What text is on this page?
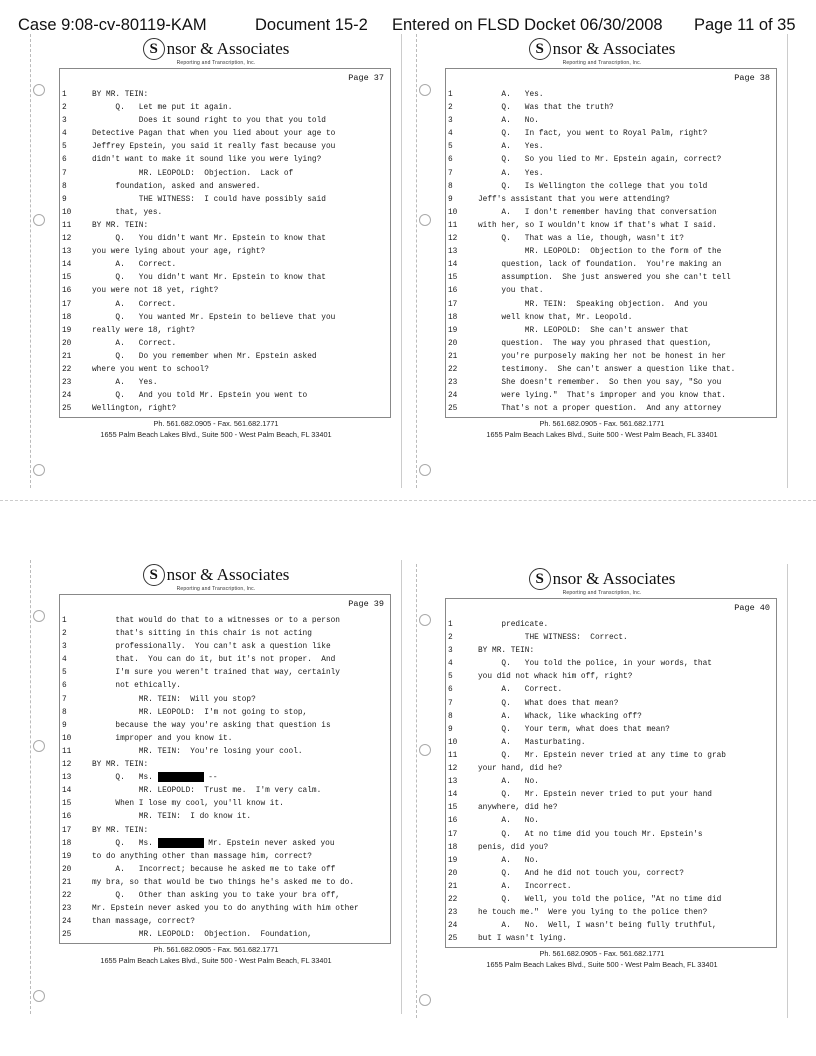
Case 9:08-cv-80119-KAM	Document 15-2 Entered on FLSD Docket 06/30/2008 Page 11 of 35
S nsor & Associates
Reporting and Transcription, Inc.
Page 37
1	BY MR. TEIN:
2	Q.   Let me put it again.
3	Does it sound right to you that you told
4	Detective Pagan that when you lied about your age to
5	Jeffrey Epstein, you said it really fast because you
6	didn't want to make it sound like you were lying?
7	MR. LEOPOLD:  Objection.  Lack of
8	foundation, asked and answered.
9	THE WITNESS:  I could have possibly said
10	that, yes.
11	BY MR. TEIN:
12	Q.   You didn't want Mr. Epstein to know that
13	you were lying about your age, right?
14	A.   Correct.
15	Q.   You didn't want Mr. Epstein to know that
16	you were not 18 yet, right?
17	A.   Correct.
18	Q.   You wanted Mr. Epstein to believe that you
19	really were 18, right?
20	A.   Correct.
21	Q.   Do you remember when Mr. Epstein asked
22	where you went to school?
23	A.   Yes.
24	Q.   And you told Mr. Epstein you went to
25	Wellington, right?
Ph. 561.682.0905 - Fax. 561.682.1771
1655 Palm Beach Lakes Blvd., Suite 500 - West Palm Beach, FL 33401
S nsor & Associates
Reporting and Transcription, Inc.
Page 38
1	A.   Yes.
2	Q.   Was that the truth?
3	A.   No.
4	Q.   In fact, you went to Royal Palm, right?
5	A.   Yes.
6	Q.   So you lied to Mr. Epstein again, correct?
7	A.   Yes.
8	Q.   Is Wellington the college that you told
9	Jeff's assistant that you were attending?
10	A.   I don't remember having that conversation
11	with her, so I wouldn't know if that's what I said.
12	Q.   That was a lie, though, wasn't it?
13	MR. LEOPOLD:  Objection to the form of the
14	question, lack of foundation.  You're making an
15	assumption.  She just answered you she can't tell
16	you that.
17	MR. TEIN:  Speaking objection.  And you
18	well know that, Mr. Leopold.
19	MR. LEOPOLD:  She can't answer that
20	question.  The way you phrased that question,
21	you're purposely making her not be honest in her
22	testimony.  She can't answer a question like that.
23	She doesn't remember.  So then you say, "So you
24	were lying."  That's improper and you know that.
25	That's not a proper question.  And any attorney
Ph. 561.682.0905 - Fax. 561.682.1771
1655 Palm Beach Lakes Blvd., Suite 500 - West Palm Beach, FL 33401
S nsor & Associates
Reporting and Transcription, Inc.
Page 39
1	that would do that to a witnesses or to a person
2	that's sitting in this chair is not acting
3	professionally.  You can't ask a question like
4	that.  You can do it, but it's not proper.  And
5	I'm sure you weren't trained that way, certainly
6	not ethically.
7	MR. TEIN:  Will you stop?
8	MR. LEOPOLD:  I'm not going to stop,
9	because the way you're asking that question is
10	improper and you know it.
11	MR. TEIN:  You're losing your cool.
12	BY MR. TEIN:
13	Q.   Ms.	--
14	MR. LEOPOLD:  Trust me.  I'm very calm.
15	When I lose my cool, you'll know it.
16	MR. TEIN:  I do know it.
17	BY MR. TEIN:
18	Q.   Ms.	Mr. Epstein never asked you
19	to do anything other than massage him, correct?
20	A.   Incorrect; because he asked me to take off
21	my bra, so that would be two things he's asked me to do.
22	Q.   Other than asking you to take your bra off,
23	Mr. Epstein never asked you to do anything with him other
24	than massage, correct?
25	MR. LEOPOLD:  Objection.  Foundation,
Ph. 561.682.0905 - Fax. 561.682.1771
1655 Palm Beach Lakes Blvd., Suite 500 - West Palm Beach, FL 33401
S nsor & Associates
Reporting and Transcription, Inc.
Page 40
1	predicate.
2	THE WITNESS:  Correct.
3	BY MR. TEIN:
4	Q.   You told the police, in your words, that
5	you did not whack him off, right?
6	A.   Correct.
7	Q.   What does that mean?
8	A.   Whack, like whacking off?
9	Q.   Your term, what does that mean?
10	A.   Masturbating.
11	Q.   Mr. Epstein never tried at any time to grab
12	your hand, did he?
13	A.   No.
14	Q.   Mr. Epstein never tried to put your hand
15	anywhere, did he?
16	A.   No.
17	Q.   At no time did you touch Mr. Epstein's
18	penis, did you?
19	A.   No.
20	Q.   And he did not touch you, correct?
21	A.   Incorrect.
22	Q.   Well, you told the police, "At no time did
23	he touch me."  Were you lying to the police then?
24	A.   No.  Well, I wasn't being fully truthful,
25	but I wasn't lying.
Ph. 561.682.0905 - Fax. 561.682.1771
1655 Palm Beach Lakes Blvd., Suite 500 - West Palm Beach, FL 33401
